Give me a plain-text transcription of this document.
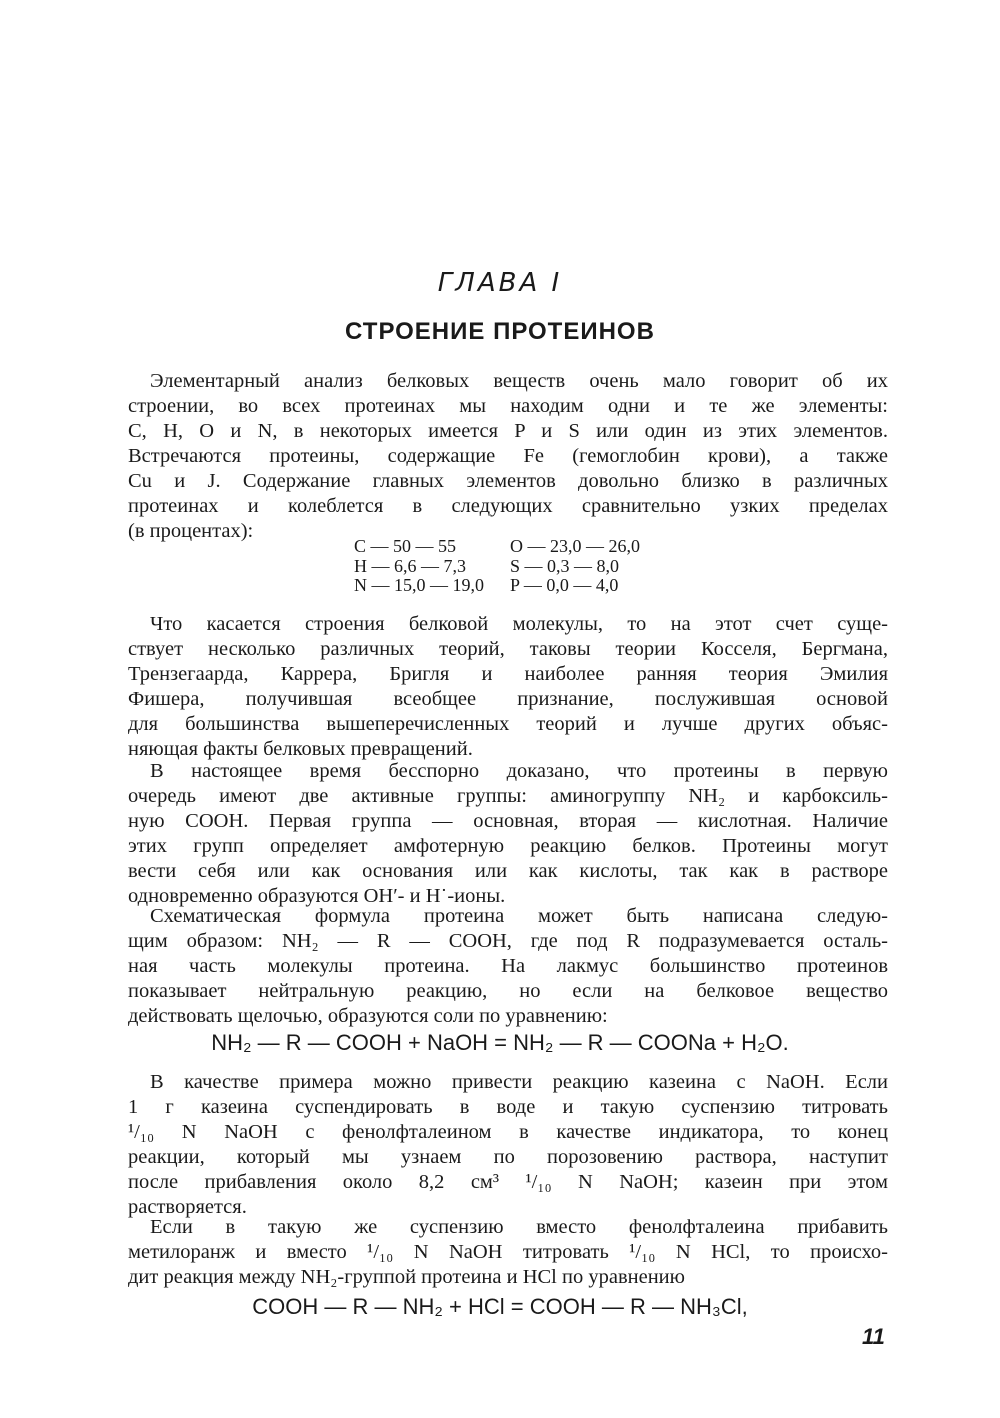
ГЛАВА I
СТРОЕНИЕ ПРОТЕИНОВ
Элементарный анализ белковых веществ очень мало говорит об их
строении, во всех протеинах мы находим одни и те же элементы:
C, H, O и N, в некоторых имеется P и S или один из этих элементов.
Встречаются протеины, содержащие Fe (гемоглобин крови), а также
Cu и J. Содержание главных элементов довольно близко в различных
протеинах и колеблется в следующих сравнительно узких пределах
(в процентах):
C — 50 — 55	O — 23,0 — 26,0
H — 6,6 — 7,3	S — 0,3 — 8,0
N — 15,0 — 19,0	P — 0,0 — 4,0
Что касается строения белковой молекулы, то на этот счет суще-
ствует несколько различных теорий, таковы теории Косселя, Бергмана,
Трензегаарда, Каррера, Бригля и наиболее ранняя теория Эмилия
Фишера, получившая всеобщее признание, послужившая основой
для большинства вышеперечисленных теорий и лучше других объяс-
няющая факты белковых превращений.
В настоящее время бесспорно доказано, что протеины в первую
очередь имеют две активные группы: аминогруппу NH₂ и карбоксиль-
ную COOH. Первая группа — основная, вторая — кислотная. Наличие
этих групп определяет амфотерную реакцию белков. Протеины могут
вести себя или как основания или как кислоты, так как в растворе
одновременно образуются OH′- и H˙-ионы.
Схематическая формула протеина может быть написана следую-
щим образом: NH₂ — R — COOH, где под R подразумевается осталь-
ная часть молекулы протеина. На лакмус большинство протеинов
показывает нейтральную реакцию, но если на белковое вещество
действовать щелочью, образуются соли по уравнению:
NH₂ — R — COOH + NaOH = NH₂ — R — COONa + H₂O.
В качестве примера можно привести реакцию казеина с NaOH. Если
1 г казеина суспендировать в воде и такую суспензию титровать
¹/₁₀ N NaOH с фенолфталеином в качестве индикатора, то конец
реакции, который мы узнаем по порозовению раствора, наступит
после прибавления около 8,2 см³ ¹/₁₀ N NaOH; казеин при этом
растворяется.
Если в такую же суспензию вместо фенолфталеина прибавить
метилоранж и вместо ¹/₁₀ N NaOH титровать ¹/₁₀ N HCl, то происхо-
дит реакция между NH₂-группой протеина и HCl по уравнению
COOH — R — NH₂ + HCl = COOH — R — NH₃Cl,
11
